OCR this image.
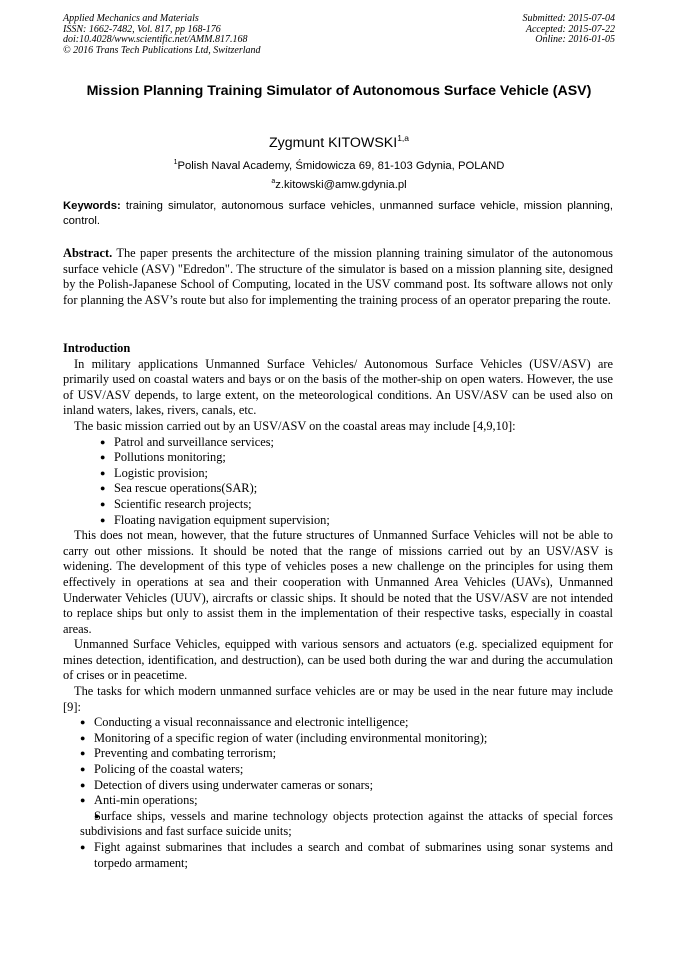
Applied Mechanics and Materials
ISSN: 1662-7482, Vol. 817, pp 168-176
doi:10.4028/www.scientific.net/AMM.817.168
© 2016 Trans Tech Publications Ltd, Switzerland
Submitted: 2015-07-04
Accepted: 2015-07-22
Online: 2016-01-05
Mission Planning Training Simulator of Autonomous Surface Vehicle (ASV)
Zygmunt KITOWSKI$^{1,a}$
$^1$Polish Naval Academy, Śmidowicza 69, 81-103 Gdynia, POLAND
$^a$z.kitowski@amw.gdynia.pl
Keywords: training simulator, autonomous surface vehicles, unmanned surface vehicle, mission planning, control.
Abstract. The paper presents the architecture of the mission planning training simulator of the autonomous surface vehicle (ASV) "Edredon". The structure of the simulator is based on a mission planning site, designed by the Polish-Japanese School of Computing, located in the USV command post. Its software allows not only for planning the ASV’s route but also for implementing the training process of an operator preparing the route.
Introduction

In military applications Unmanned Surface Vehicles/ Autonomous Surface Vehicles (USV/ASV) are primarily used on coastal waters and bays or on the basis of the mother-ship on open waters. However, the use of USV/ASV depends, to large extent, on the meteorological conditions. An USV/ASV can be used also on inland waters, lakes, rivers, canals, etc.

The basic mission carried out by an USV/ASV on the coastal areas may include [4,9,10]:

● Patrol and surveillance services;
● Pollutions monitoring;
● Logistic provision;
● Sea rescue operations(SAR);
● Scientific research projects;
● Floating navigation equipment supervision;

This does not mean, however, that the future structures of Unmanned Surface Vehicles will not be able to carry out other missions. It should be noted that the range of missions carried out by an USV/ASV is widening. The development of this type of vehicles poses a new challenge on the principles for using them effectively in operations at sea and their cooperation with Unmanned Area Vehicles (UAVs), Unmanned Underwater Vehicles (UUV), aircrafts or classic ships. It should be noted that the USV/ASV are not intended to replace ships but only to assist them in the implementation of their respective tasks, especially in coastal areas.

Unmanned Surface Vehicles, equipped with various sensors and actuators (e.g. specialized equipment for mines detection, identification, and destruction), can be used both during the war and during the accumulation of crises or in peacetime.

The tasks for which modern unmanned surface vehicles are or may be used in the near future may include [9]:

● Conducting a visual reconnaissance and electronic intelligence;
● Monitoring of a specific region of water (including environmental monitoring);
● Preventing and combating terrorism;
● Policing of the coastal waters;
● Detection of divers using underwater cameras or sonars;
● Anti-min operations;
● Surface ships, vessels and marine technology objects protection against the attacks of special forces subdivisions and fast surface suicide units;
● Fight against submarines that includes a search and combat of submarines using sonar systems and torpedo armament;
